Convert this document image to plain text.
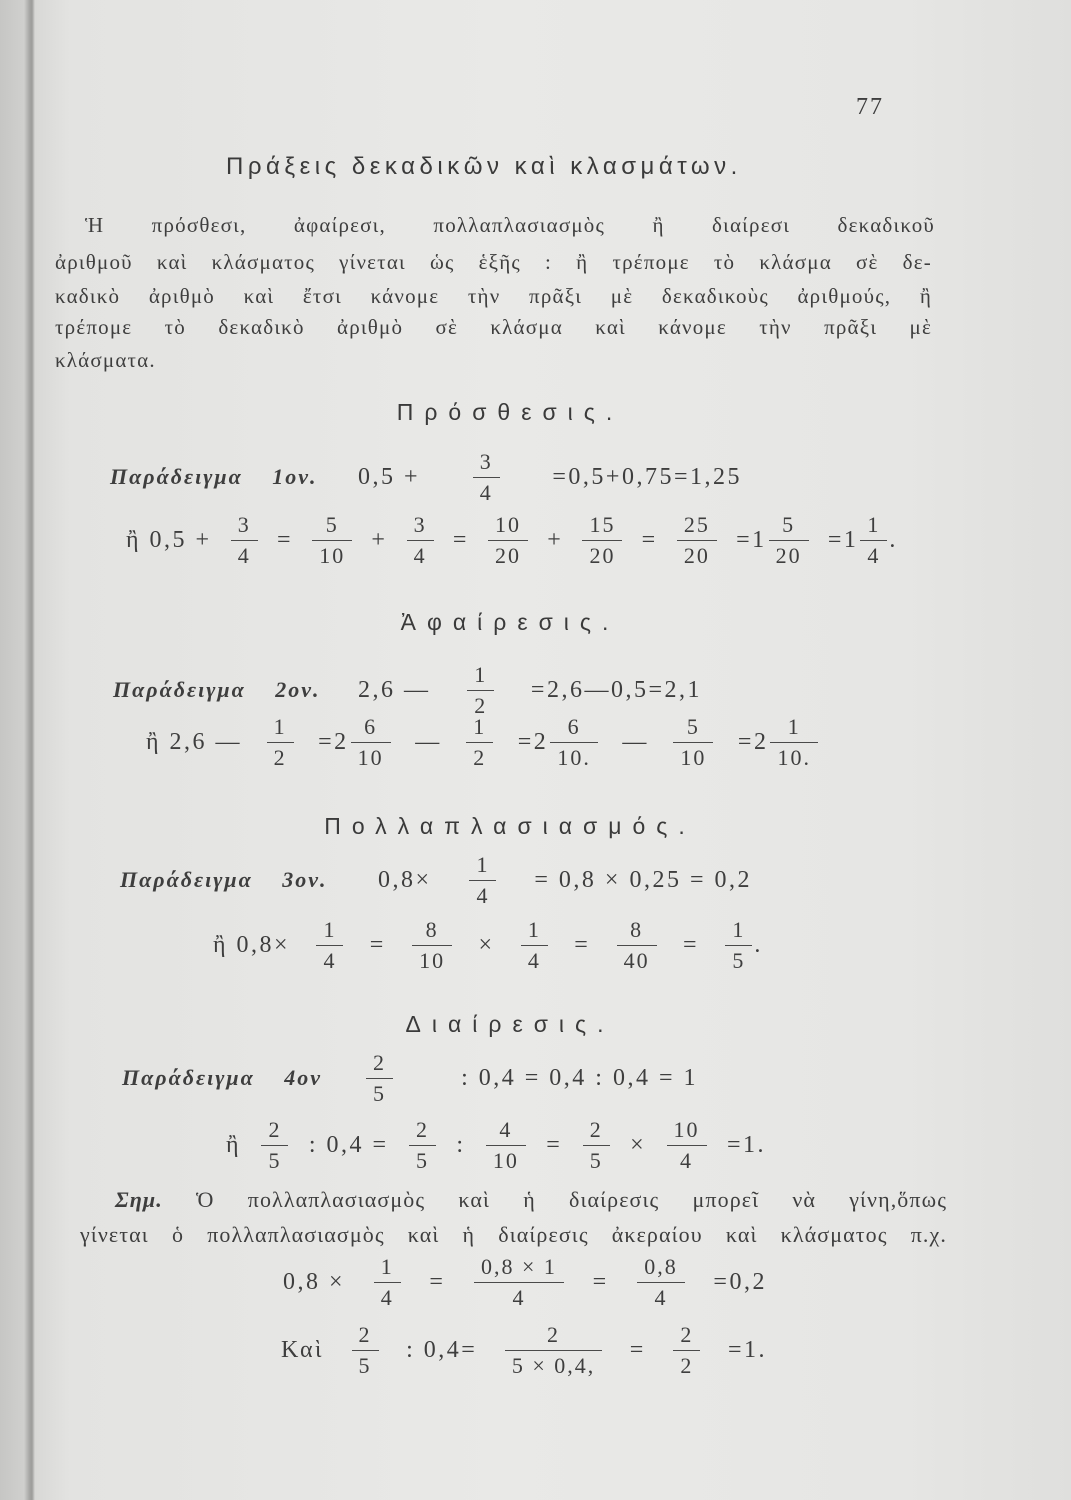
77
Πράξεις δεκαδικῶν καὶ κλασμάτων.
Ἡ πρόσθεσι, ἀφαίρεσι, πολλαπλασιασμὸς ἢ διαίρεσι δεκαδικοῦ
ἀριθμοῦ καὶ κλάσματος γίνεται ὡς ἑξῆς : ἢ τρέπομε τὸ κλάσμα σὲ δε-
καδικὸ ἀριθμὸ καὶ ἔτσι κάνομε τὴν πρᾶξι μὲ δεκαδικοὺς ἀριθμούς, ἢ
τρέπομε τὸ δεκαδικὸ ἀριθμὸ σὲ κλάσμα καὶ κάνομε τὴν πρᾶξι μὲ
κλάσματα.
Πρόσθεσις.
Παράδειγμα 1ον. $0,5 + \frac{3}{4} =0,5+0,75=1,25$
ἢ $0,5 + \frac{3}{4} = \frac{5}{10} + \frac{3}{4} = \frac{10}{20} + \frac{15}{20} = \frac{25}{20} =1 \frac{5}{20} =1 \frac{1}{4}$ .
Ἀφαίρεσις.
Παράδειγμα 2ον. 2,6 — $\frac{1}{2}$ =2,6—0,5=2,1
ἢ 2,6 — $\frac{1}{2} =2 \frac{6}{10}$ — $\frac{1}{2} =2 \frac{6}{10.}$ — $\frac{5}{10} =2 \frac{1}{10.}$
Πολλαπλασιασμός.
Παράδειγμα 3ον. $0,8\times \frac{1}{4} = 0,8 \times 0,25 = 0,2$
ἢ $0,8\times \frac{1}{4} = \frac{8}{10} \times \frac{1}{4} = \frac{8}{40} = \frac{1}{5}$ .
Διαίρεσις.
Παράδειγμα $4o\nu \frac{2}{5}$	: 0,4 = 0,4 : 0,4 = 1
ἢ $\frac{2}{5}$ : $0,4 = \frac{2}{5}$ : $\frac{4}{10} = \frac{2}{5} \times \frac{10}{4} =1$.
Σημ. Ὁ πολλαπλασιασμὸς καὶ ἡ διαίρεσις μπορεῖ νὰ γίνη,ὅπως
γίνεται ὁ πολλαπλασιασμὸς καὶ ἡ διαίρεσις ἀκεραίου καὶ κλάσματος π.χ.
$0,8 \times \frac{1}{4} = \frac{0,8 \times 1}{4} = \frac{0,8}{4} =0,2$
Καὶ $\frac{2}{5}$ : $0,4= \frac{2}{5 \times 0,4,} = \frac{2}{2} =1$.
